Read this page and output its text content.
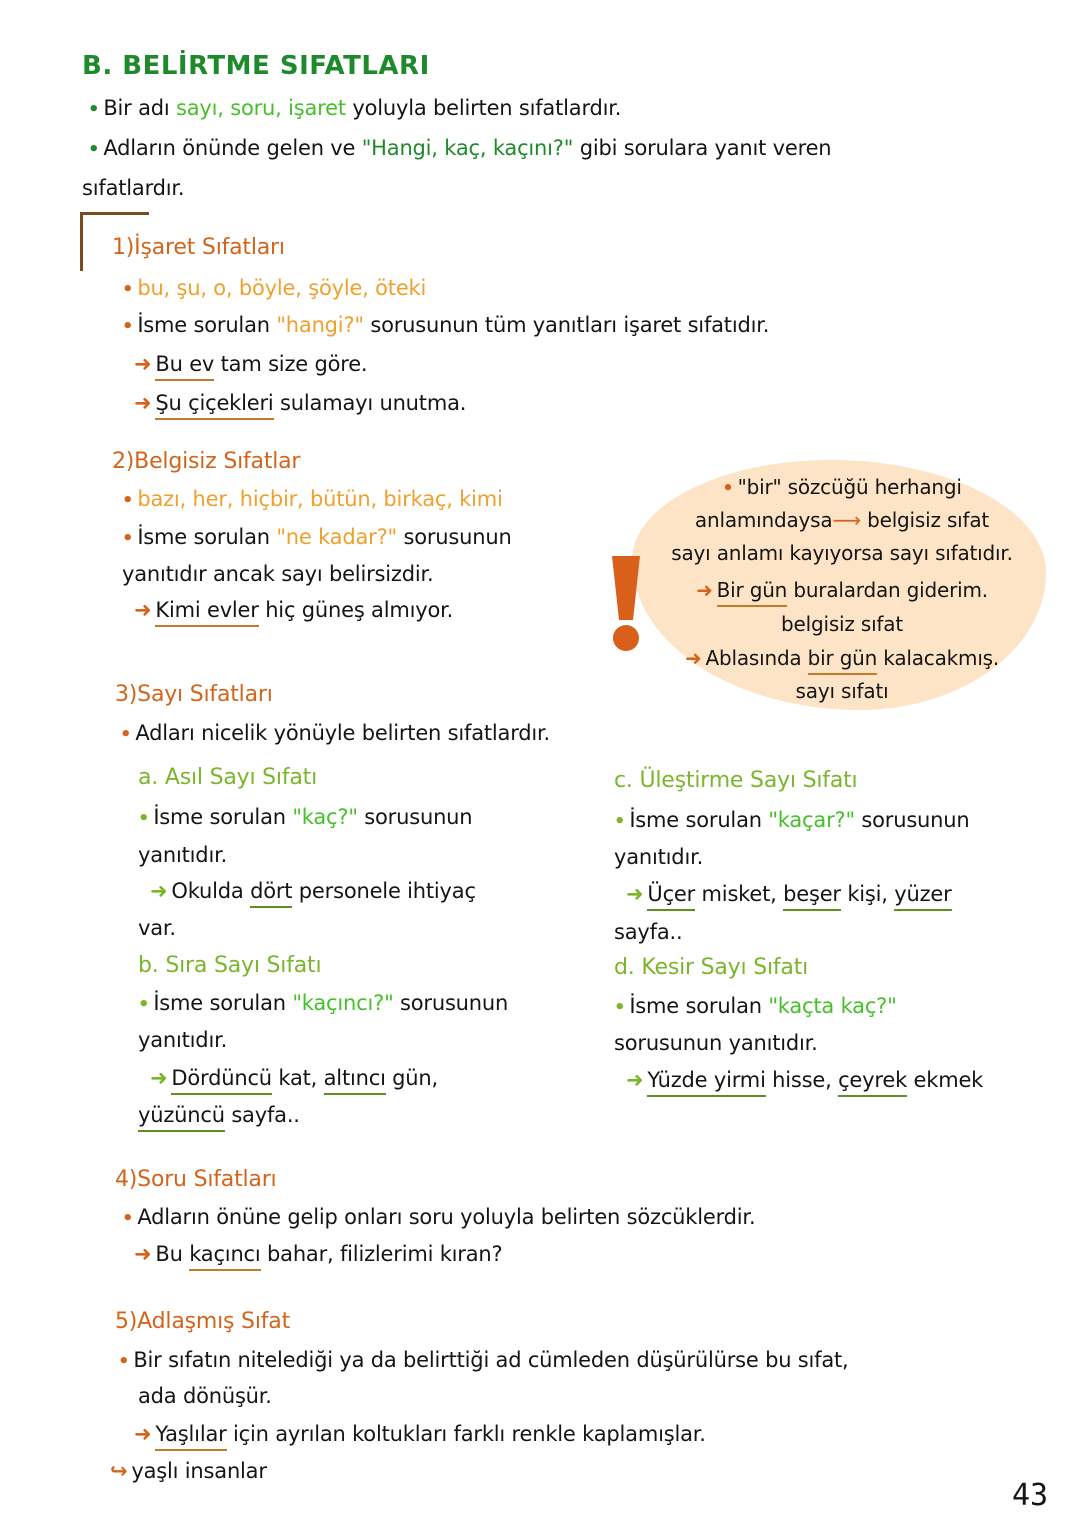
B. BELİRTME SIFATLARI
• Bir adı sayı, soru, işaret yoluyla belirten sıfatlardır.
• Adların önünde gelen ve "Hangi, kaç, kaçını?" gibi sorulara yanıt veren
sıfatlardır.
1)İşaret Sıfatları
• bu, şu, o, böyle, şöyle, öteki
• İsme sorulan "hangi?" sorusunun tüm yanıtları işaret sıfatıdır.
➜ Bu ev tam size göre.
➜ Şu çiçekleri sulamayı unutma.
2)Belgisiz Sıfatlar
• bazı, her, hiçbir, bütün, birkaç, kimi
• İsme sorulan "ne kadar?" sorusunun
yanıtıdır ancak sayı belirsizdir.
➜ Kimi evler hiç güneş almıyor.
3)Sayı Sıfatları
• Adları nicelik yönüyle belirten sıfatlardır.
a. Asıl Sayı Sıfatı
• İsme sorulan "kaç?" sorusunun
yanıtıdır.
➜ Okulda dört personele ihtiyaç
var.
b. Sıra Sayı Sıfatı
• İsme sorulan "kaçıncı?" sorusunun
yanıtıdır.
➜ Dördüncü kat, altıncı gün,
yüzüncü sayfa..
c. Üleştirme Sayı Sıfatı
• İsme sorulan "kaçar?" sorusunun
yanıtıdır.
➜ Üçer misket, beşer kişi, yüzer
sayfa..
d. Kesir Sayı Sıfatı
• İsme sorulan "kaçta kaç?"
sorusunun yanıtıdır.
➜ Yüzde yirmi hisse, çeyrek ekmek
4)Soru Sıfatları
• Adların önüne gelip onları soru yoluyla belirten sözcüklerdir.
➜ Bu kaçıncı bahar, filizlerimi kıran?
5)Adlaşmış Sıfat
• Bir sıfatın nitelediği ya da belirttiği ad cümleden düşürülürse bu sıfat,
ada dönüşür.
➜ Yaşlılar için ayrılan koltukları farklı renkle kaplamışlar.
↪ yaşlı insanlar
• "bir" sözcüğü herhangi
anlamındaysa⟶ belgisiz sıfat
sayı anlamı kayıyorsa sayı sıfatıdır.
➜ Bir gün buralardan giderim.
belgisiz sıfat
➜ Ablasında bir gün kalacakmış.
sayı sıfatı
43
